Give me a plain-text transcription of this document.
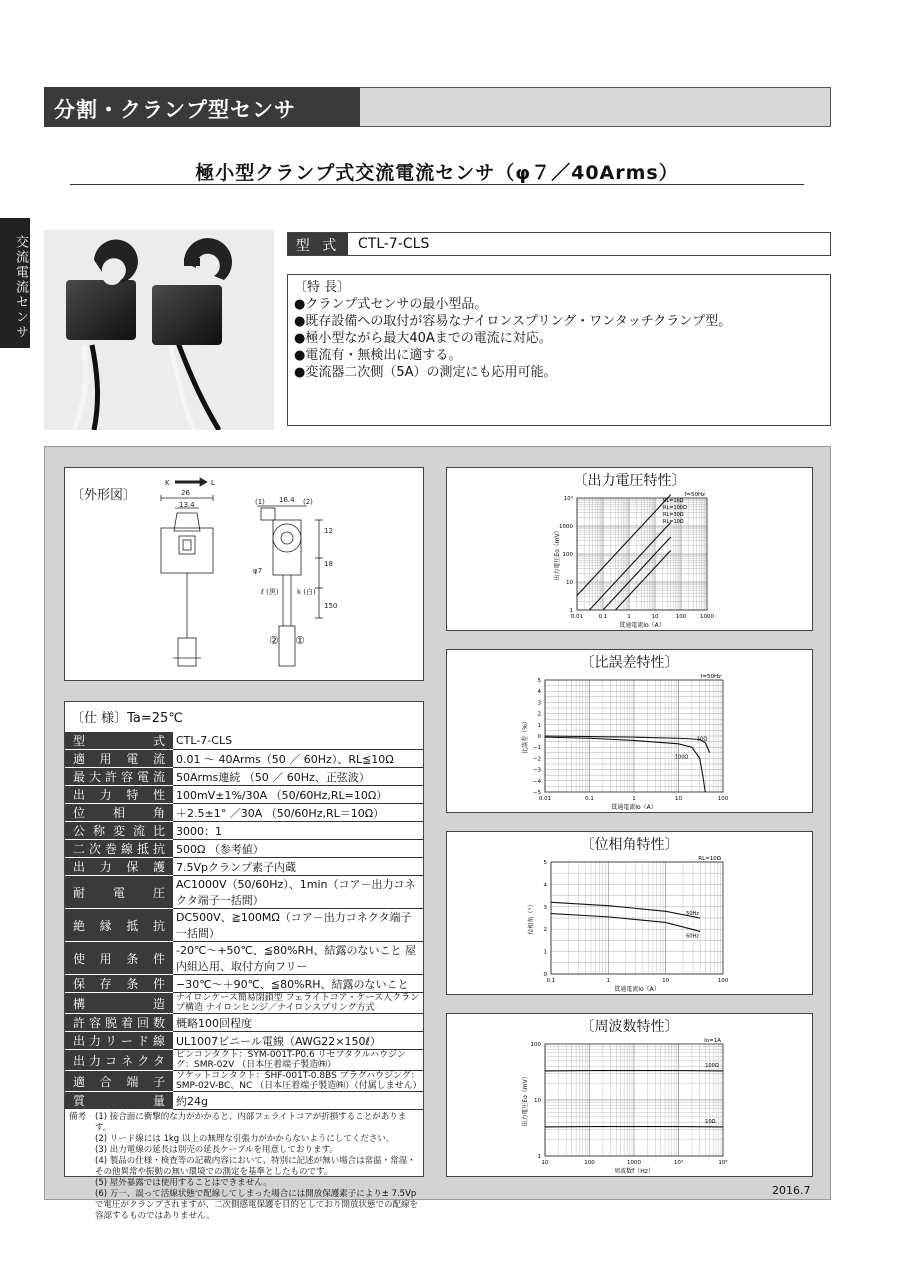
分割・クランプ型センサ
交流電流センサ
極小型クランプ式交流電流センサ（φ７／40Arms）
型 式	CTL-7-CLS
〔特 長〕
●クランプ式センサの最小型品。
●既存設備への取付が容易なナイロンスプリング・ワンタッチクランプ型。
●極小型ながら最大40Aまでの電流に対応。
●電流有・無検出に適する。
●変流器二次側（5A）の測定にも応用可能。
〔外形図〕
K	L
26
13.4
16.4
12
18
150
φ7
(1)	(2)
ℓ (黒)	k (白)
② ①
〔仕 様〕Ta=25℃
型式	CTL-7-CLS
適用電流	0.01 ～ 40Arms（50 ／ 60Hz）、RL≦10Ω
最大許容電流	50Arms連続 （50 ／ 60Hz、正弦波）
出力特性	100mV±1%/30A （50/60Hz,RL=10Ω）
位相角	＋2.5±1° ／30A （50/60Hz,RL＝10Ω）
公称変流比	3000：1
二次巻線抵抗	500Ω （参考値）
出力保護	7.5Vpクランプ素子内蔵
耐電圧	AC1000V（50/60Hz）、1min（コア－出力コネクタ端子一括間）
絶縁抵抗	DC500V、≧100MΩ（コア－出力コネクタ端子一括間）
使用条件	-20℃～+50℃、≦80%RH、結露のないこと 屋内組込用、取付方向フリー
保存条件	−30℃～＋90℃、≦80%RH、結露のないこと
構造	ナイロンケース簡易閉鎖型 フェライトコア・ケース入クランプ構造 ナイロンヒンジ／ナイロンスプリング方式
許容脱着回数	概略100回程度
出力リード線	UL1007ビニール電線（AWG22×150ℓ）
出力コネクタ	ピンコンタクト：SYM-001T-P0.6 リセプタクルハウジング：SMR-02V （日本圧着端子製造㈱）
適合端子	ソケットコンタクト：SHF-001T-0.8BS プラグハウジング：SMP-02V-BC、NC （日本圧着端子製造㈱）（付属しません）
質量	約24g
備考	(1) 接合面に衝撃的な力がかかると、内部フェライトコアが折損することがあります。
(2) リード線には 1kg 以上の無理な引張力がかからないようにしてください。
(3) 出力電線の延長は別売の延長ケーブルを用意しております。
(4) 製品の仕様・検査等の記載内容において、特別に記述が無い場合は常温・常湿・その他異常や振動の無い環境での測定を基準としたものです。
(5) 屋外暴露では使用することはできません。
(6) 万一、誤って活線状態で配線してしまった場合には開放保護素子により± 7.5Vp で電圧がクランプされますが、二次側感電保護を目的としており開放状態での配線を容認するものではありません。
〔出力電圧特性〕
0.01	0.1	1	10	100	1000
1
10
100
1000
10⁴
貫通電流Io（A）
出力電圧Eo（mV）
f=50Hz
RL=1kΩ
RL=100Ω
RL=30Ω
RL=10Ω
〔比誤差特性〕
0.01	0.1	1	10	100
5
4
3
2
1
0
−1
−2
−3
−4
−5
貫通電流Io（A）
比誤差（%）
f=50Hz
10Ω
100Ω
〔位相角特性〕
0.1	1	10	100
5
4
3
2
1
0
貫通電流Io（A）
位相角（°）
RL=10Ω
50Hz
60Hz
〔周波数特性〕
10	100	1000	10⁴	10⁵
100
10
1
周波数f（Hz）
出力電圧Eo（mV）
Io=1A
100Ω
10Ω
2016.7
